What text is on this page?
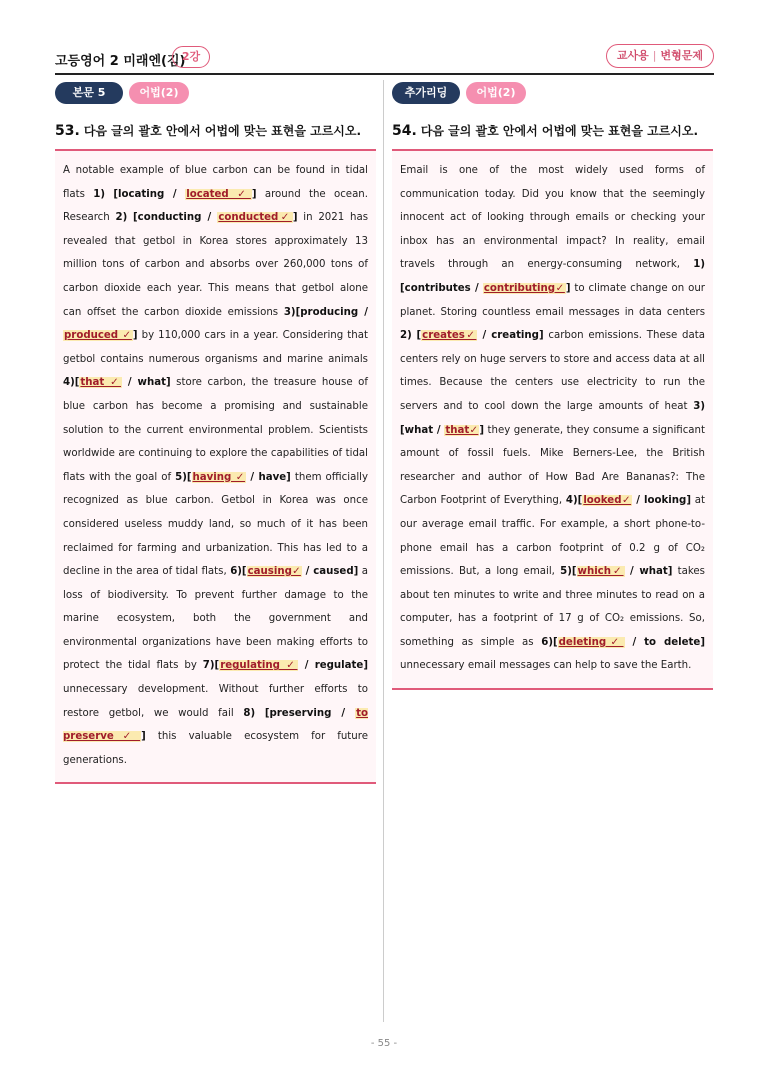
고등영어 2 미래엔(김)
2강	교사용 | 변형문제
본문 5	어법(2)
53. 다음 글의 괄호 안에서 어법에 맞는 표현을 고르시오.
A notable example of blue carbon can be found in tidal flats 1) [locating / located ✓] around the ocean. Research 2) [conducting / conducted✓] in 2021 has revealed that getbol in Korea stores approximately 13 million tons of carbon and absorbs over 260,000 tons of carbon dioxide each year. This means that getbol alone can offset the carbon dioxide emissions 3)[producing / produced ✓] by 110,000 cars in a year. Considering that getbol contains numerous organisms and marine animals 4)[that ✓ / what] store carbon, the treasure house of blue carbon has become a promising and sustainable solution to the current environmental problem. Scientists worldwide are continuing to explore the capabilities of tidal flats with the goal of 5)[having ✓ / have] them officially recognized as blue carbon. Getbol in Korea was once considered useless muddy land, so much of it has been reclaimed for farming and urbanization. This has led to a decline in the area of tidal flats, 6)[causing✓ / caused] a loss of biodiversity. To prevent further damage to the marine ecosystem, both the government and environmental organizations have been making efforts to protect the tidal flats by 7)[regulating ✓ / regulate] unnecessary development. Without further efforts to restore getbol, we would fail 8) [preserving / to preserve✓] this valuable ecosystem for future generations.
추가리딩	어법(2)
54. 다음 글의 괄호 안에서 어법에 맞는 표현을 고르시오.
Email is one of the most widely used forms of communication today. Did you know that the seemingly innocent act of looking through emails or checking your inbox has an environmental impact? In reality, email travels through an energy-consuming network, 1)[contributes / contributing✓] to climate change on our planet. Storing countless email messages in data centers 2) [creates✓ / creating] carbon emissions. These data centers rely on huge servers to store and access data at all times. Because the centers use electricity to run the servers and to cool down the large amounts of heat 3)[what / that✓] they generate, they consume a significant amount of fossil fuels. Mike Berners-Lee, the British researcher and author of How Bad Are Bananas?: The Carbon Footprint of Everything, 4)[looked✓ / looking] at our average email traffic. For example, a short phone-to-phone email has a carbon footprint of 0.2 g of CO₂ emissions. But, a long email, 5)[which✓ / what] takes about ten minutes to write and three minutes to read on a computer, has a footprint of 17 g of CO₂ emissions. So, something as simple as 6)[deleting✓ / to delete] unnecessary email messages can help to save the Earth.
- 55 -
